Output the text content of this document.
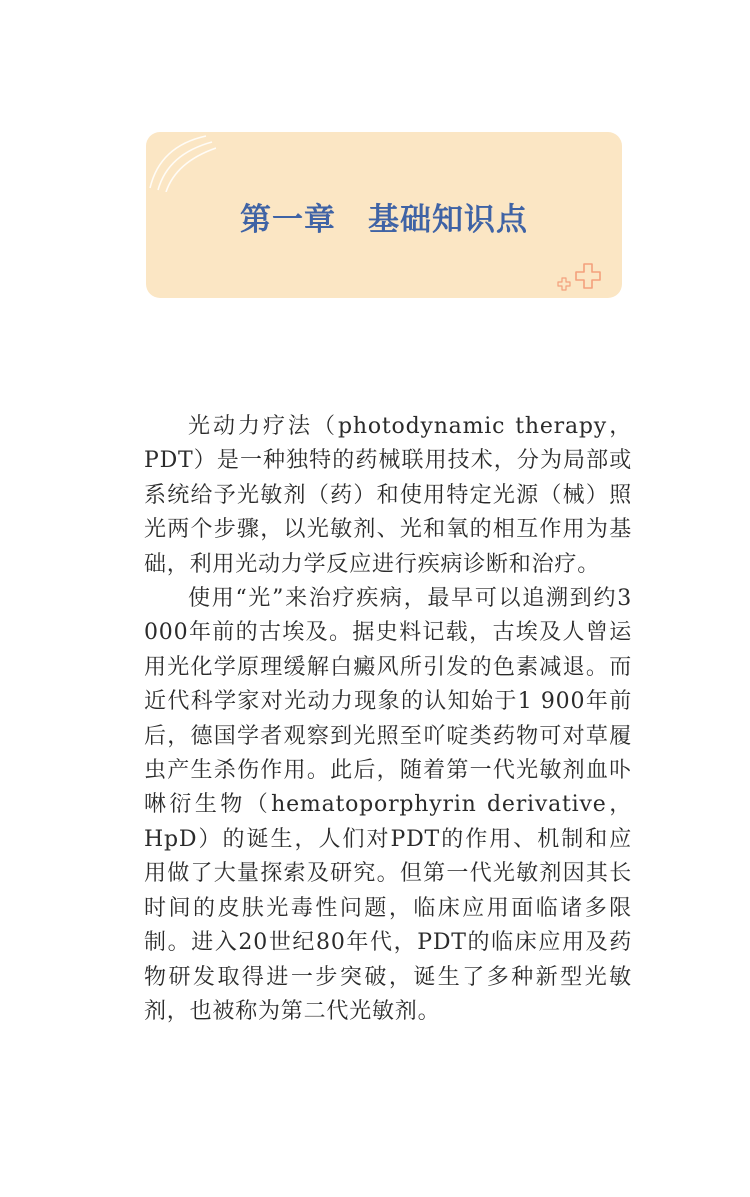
第一章　基础知识点

光动力疗法（photodynamic therapy，PDT）是一种独特的药械联用技术，分为局部或系统给予光敏剂（药）和使用特定光源（械）照光两个步骤，以光敏剂、光和氧的相互作用为基础，利用光动力学反应进行疾病诊断和治疗。

使用“光”来治疗疾病，最早可以追溯到约3 000年前的古埃及。据史料记载，古埃及人曾运用光化学原理缓解白癜风所引发的色素减退。而近代科学家对光动力现象的认知始于1 900年前后，德国学者观察到光照至吖啶类药物可对草履虫产生杀伤作用。此后，随着第一代光敏剂血卟啉衍生物（hematoporphyrin derivative，HpD）的诞生，人们对PDT的作用、机制和应用做了大量探索及研究。但第一代光敏剂因其长时间的皮肤光毒性问题，临床应用面临诸多限制。进入20世纪80年代，PDT的临床应用及药物研发取得进一步突破，诞生了多种新型光敏剂，也被称为第二代光敏剂。
